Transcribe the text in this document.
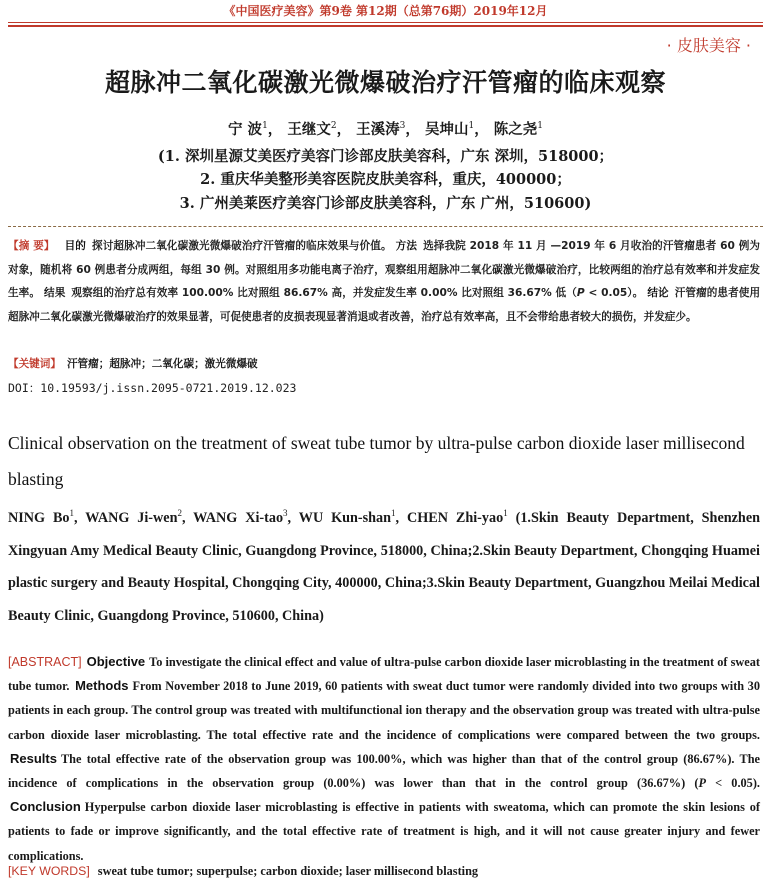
《中国医疗美容》第9卷 第12期（总第76期）2019年12月
· 皮肤美容 ·
超脉冲二氧化碳激光微爆破治疗汗管瘤的临床观察
宁 波$^1$， 王继文$^2$， 王溪涛$^3$， 吴坤山$^1$， 陈之尧$^1$
(1. 深圳星源艾美医疗美容门诊部皮肤美容科，广东 深圳，518000；
2. 重庆华美整形美容医院皮肤美容科，重庆，400000；
3. 广州美莱医疗美容门诊部皮肤美容科，广东 广州，510600)
【摘 要】 目的 探讨超脉冲二氧化碳激光微爆破治疗汗管瘤的临床效果与价值。 方法 选择我院 2018 年 11 月 —2019 年 6 月收治的汗管瘤患者 60 例为对象，随机将 60 例患者分成两组，每组 30 例。对照组用多功能电离子治疗，观察组用超脉冲二氧化碳激光微爆破治疗，比较两组的治疗总有效率和并发症发生率。 结果 观察组的治疗总有效率 100.00% 比对照组 86.67% 高，并发症发生率 0.00% 比对照组 36.67% 低（P < 0.05）。 结论 汗管瘤的患者使用超脉冲二氧化碳激光微爆破治疗的效果显著，可促使患者的皮损表现显著消退或者改善，治疗总有效率高，且不会带给患者较大的损伤，并发症少。
【关键词】 汗管瘤；超脉冲；二氧化碳；激光微爆破
DOI：10.19593/j.issn.2095-0721.2019.12.023
Clinical observation on the treatment of sweat tube tumor by ultra-pulse carbon dioxide laser millisecond blasting
NING Bo$^1$, WANG Ji-wen$^2$, WANG Xi-tao$^3$, WU Kun-shan$^1$, CHEN Zhi-yao$^1$ (1.Skin Beauty Department, Shenzhen Xingyuan Amy Medical Beauty Clinic, Guangdong Province, 518000, China;2.Skin Beauty Department, Chongqing Huamei plastic surgery and Beauty Hospital, Chongqing City, 400000, China;3.Skin Beauty Department, Guangzhou Meilai Medical Beauty Clinic, Guangdong Province, 510600, China)
[ABSTRACT] Objective To investigate the clinical effect and value of ultra-pulse carbon dioxide laser microblasting in the treatment of sweat tube tumor. Methods From November 2018 to June 2019, 60 patients with sweat duct tumor were randomly divided into two groups with 30 patients in each group. The control group was treated with multifunctional ion therapy and the observation group was treated with ultra-pulse carbon dioxide laser microblasting. The total effective rate and the incidence of complications were compared between the two groups. Results The total effective rate of the observation group was 100.00%, which was higher than that of the control group (86.67%). The incidence of complications in the observation group (0.00%) was lower than that in the control group (36.67%) (P < 0.05). Conclusion Hyperpulse carbon dioxide laser microblasting is effective in patients with sweatoma, which can promote the skin lesions of patients to fade or improve significantly, and the total effective rate of treatment is high, and it will not cause greater injury and fewer complications.
[KEY WORDS] sweat tube tumor; superpulse; carbon dioxide; laser millisecond blasting
